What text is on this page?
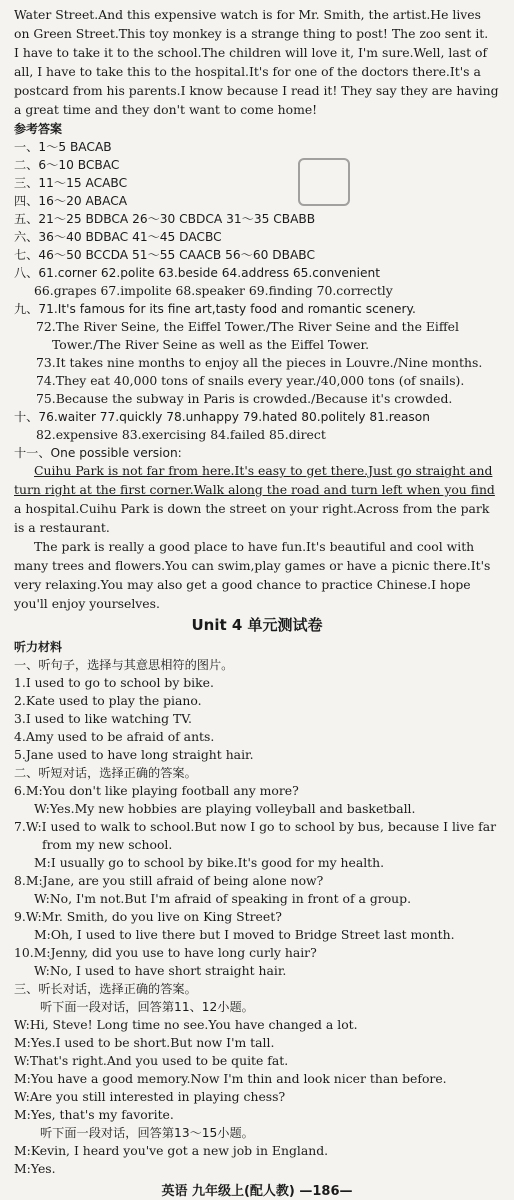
Water Street.And this expensive watch is for Mr. Smith, the artist.He lives
on Green Street.This toy monkey is a strange thing to post! The zoo sent it.
I have to take it to the school.The children will love it, I'm sure.Well, last of
all, I have to take this to the hospital.It's for one of the doctors there.It's a
postcard from his parents.I know because I read it! They say they are having
a great time and they don't want to come home!
参考答案
一、1～5 BACAB
二、6～10 BCBAC
三、11～15 ACABC
四、16～20 ABACA
五、21～25 BDBCA 26～30 CBDCA 31～35 CBABB
六、36～40 BDBAC 41～45 DACBC
七、46～50 BCCDA 51～55 CAACB 56～60 DBABC
八、61.corner 62.polite 63.beside 64.address 65.convenient
66.grapes 67.impolite 68.speaker 69.finding 70.correctly
九、71.It's famous for its fine art,tasty food and romantic scenery.
72.The River Seine, the Eiffel Tower./The River Seine and the Eiffel
Tower./The River Seine as well as the Eiffel Tower.
73.It takes nine months to enjoy all the pieces in Louvre./Nine months.
74.They eat 40,000 tons of snails every year./40,000 tons (of snails).
75.Because the subway in Paris is crowded./Because it's crowded.
十、76.waiter 77.quickly 78.unhappy 79.hated 80.politely 81.reason
82.expensive 83.exercising 84.failed 85.direct
十一、One possible version:
Cuihu Park is not far from here.It's easy to get there.Just go straight and
turn right at the first corner.Walk along the road and turn left when you find
a hospital.Cuihu Park is down the street on your right.Across from the park
is a restaurant.
The park is really a good place to have fun.It's beautiful and cool with
many trees and flowers.You can swim,play games or have a picnic there.It's
very relaxing.You may also get a good chance to practice Chinese.I hope
you'll enjoy yourselves.
Unit 4 单元测试卷
听力材料
一、听句子，选择与其意思相符的图片。
1.I used to go to school by bike.
2.Kate used to play the piano.
3.I used to like watching TV.
4.Amy used to be afraid of ants.
5.Jane used to have long straight hair.
二、听短对话，选择正确的答案。
6.M:You don't like playing football any more?
W:Yes.My new hobbies are playing volleyball and basketball.
7.W:I used to walk to school.But now I go to school by bus, because I live far
from my new school.
M:I usually go to school by bike.It's good for my health.
8.M:Jane, are you still afraid of being alone now?
W:No, I'm not.But I'm afraid of speaking in front of a group.
9.W:Mr. Smith, do you live on King Street?
M:Oh, I used to live there but I moved to Bridge Street last month.
10.M:Jenny, did you use to have long curly hair?
W:No, I used to have short straight hair.
三、听长对话，选择正确的答案。
听下面一段对话，回答第11、12小题。
W:Hi, Steve! Long time no see.You have changed a lot.
M:Yes.I used to be short.But now I'm tall.
W:That's right.And you used to be quite fat.
M:You have a good memory.Now I'm thin and look nicer than before.
W:Are you still interested in playing chess?
M:Yes, that's my favorite.
听下面一段对话，回答第13～15小题。
M:Kevin, I heard you've got a new job in England.
M:Yes.
英语 九年级上(配人教) —186—
